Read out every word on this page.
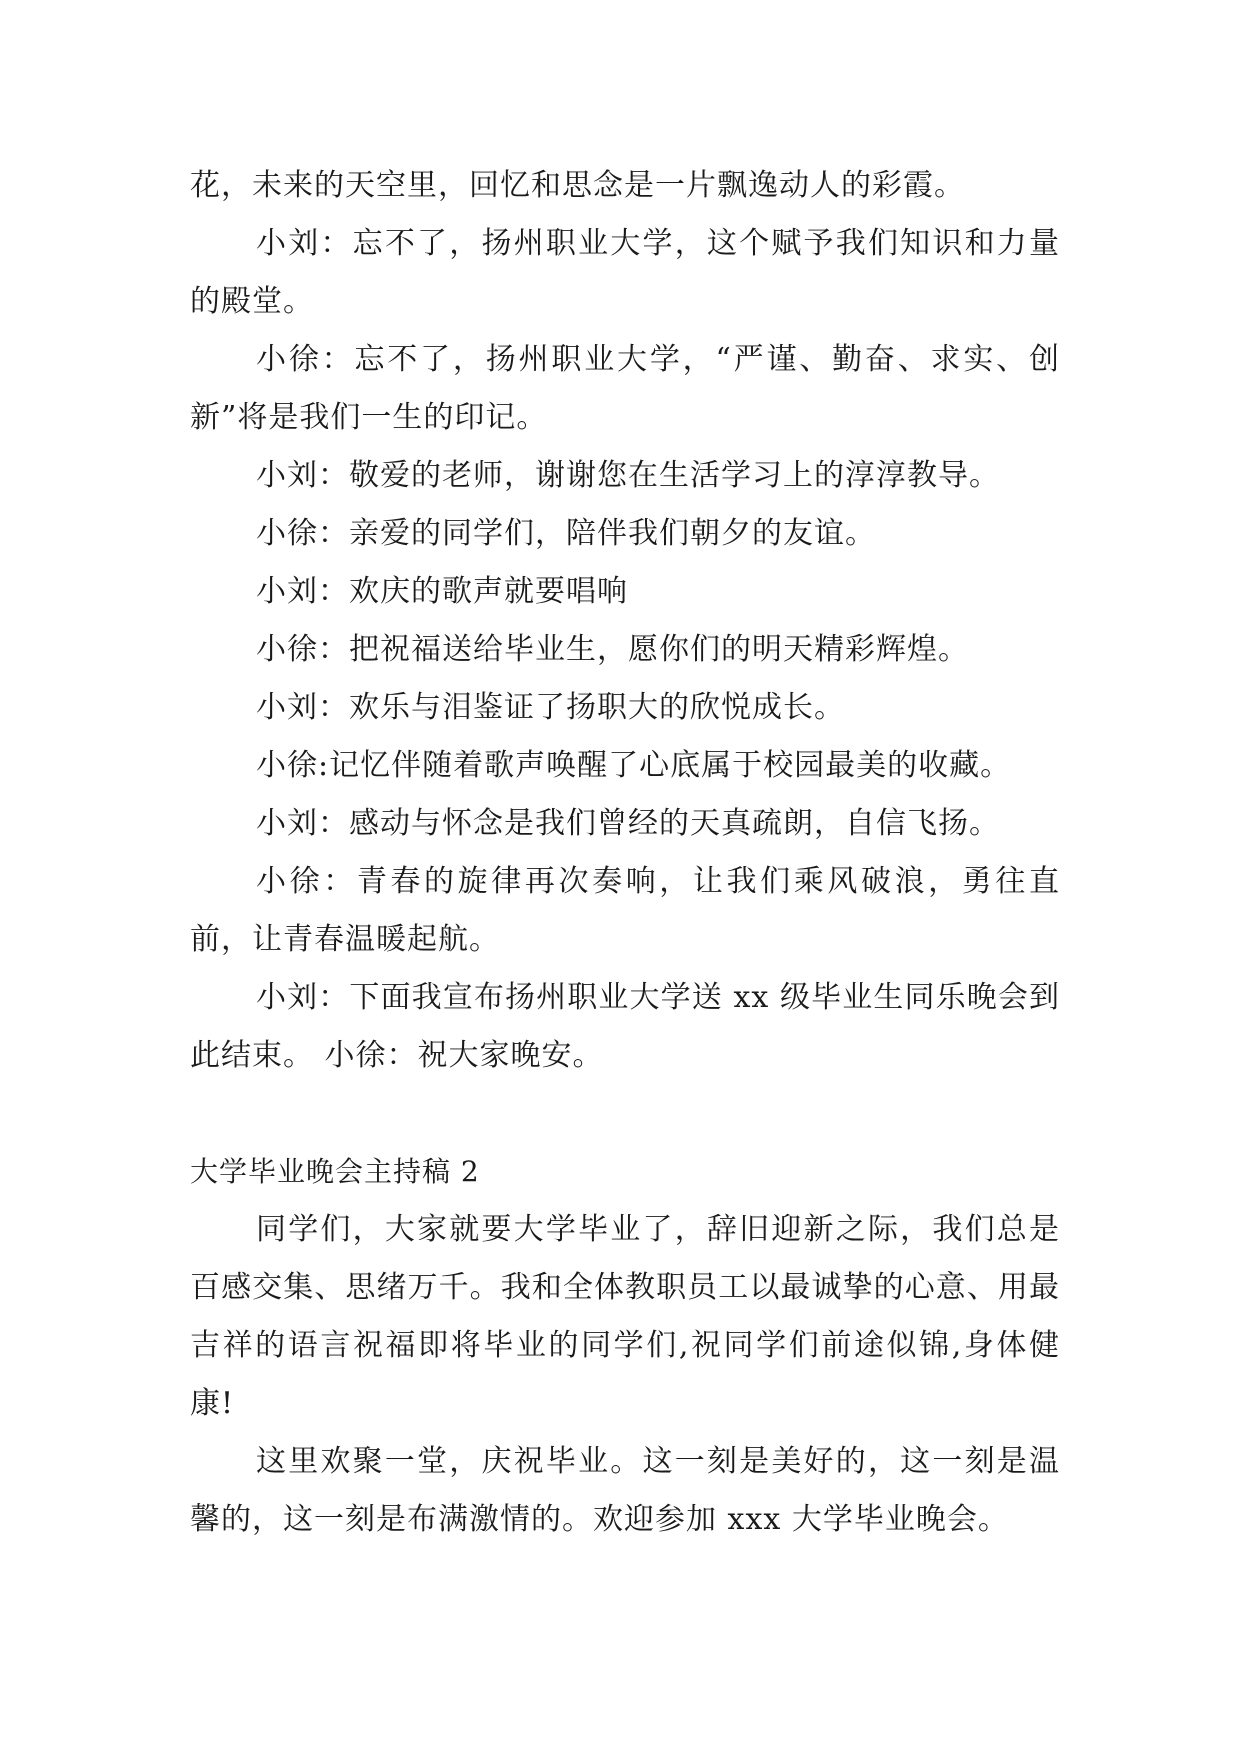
花，未来的天空里，回忆和思念是一片飘逸动人的彩霞。

小刘：忘不了，扬州职业大学，这个赋予我们知识和力量的殿堂。

小徐：忘不了，扬州职业大学，“严谨、勤奋、求实、创新”将是我们一生的印记。

小刘：敬爱的老师，谢谢您在生活学习上的淳淳教导。

小徐：亲爱的同学们，陪伴我们朝夕的友谊。

小刘：欢庆的歌声就要唱响

小徐：把祝福送给毕业生，愿你们的明天精彩辉煌。

小刘：欢乐与泪鉴证了扬职大的欣悦成长。

小徐:记忆伴随着歌声唤醒了心底属于校园最美的收藏。

小刘：感动与怀念是我们曾经的天真疏朗，自信飞扬。

小徐：青春的旋律再次奏响，让我们乘风破浪，勇往直前，让青春温暖起航。

小刘：下面我宣布扬州职业大学送 xx 级毕业生同乐晚会到此结束。 小徐：祝大家晚安。

大学毕业晚会主持稿 2

同学们，大家就要大学毕业了，辞旧迎新之际，我们总是百感交集、思绪万千。我和全体教职员工以最诚挚的心意、用最吉祥的语言祝福即将毕业的同学们,祝同学们前途似锦,身体健康!

这里欢聚一堂，庆祝毕业。这一刻是美好的，这一刻是温馨的，这一刻是布满激情的。欢迎参加 xxx 大学毕业晚会。
